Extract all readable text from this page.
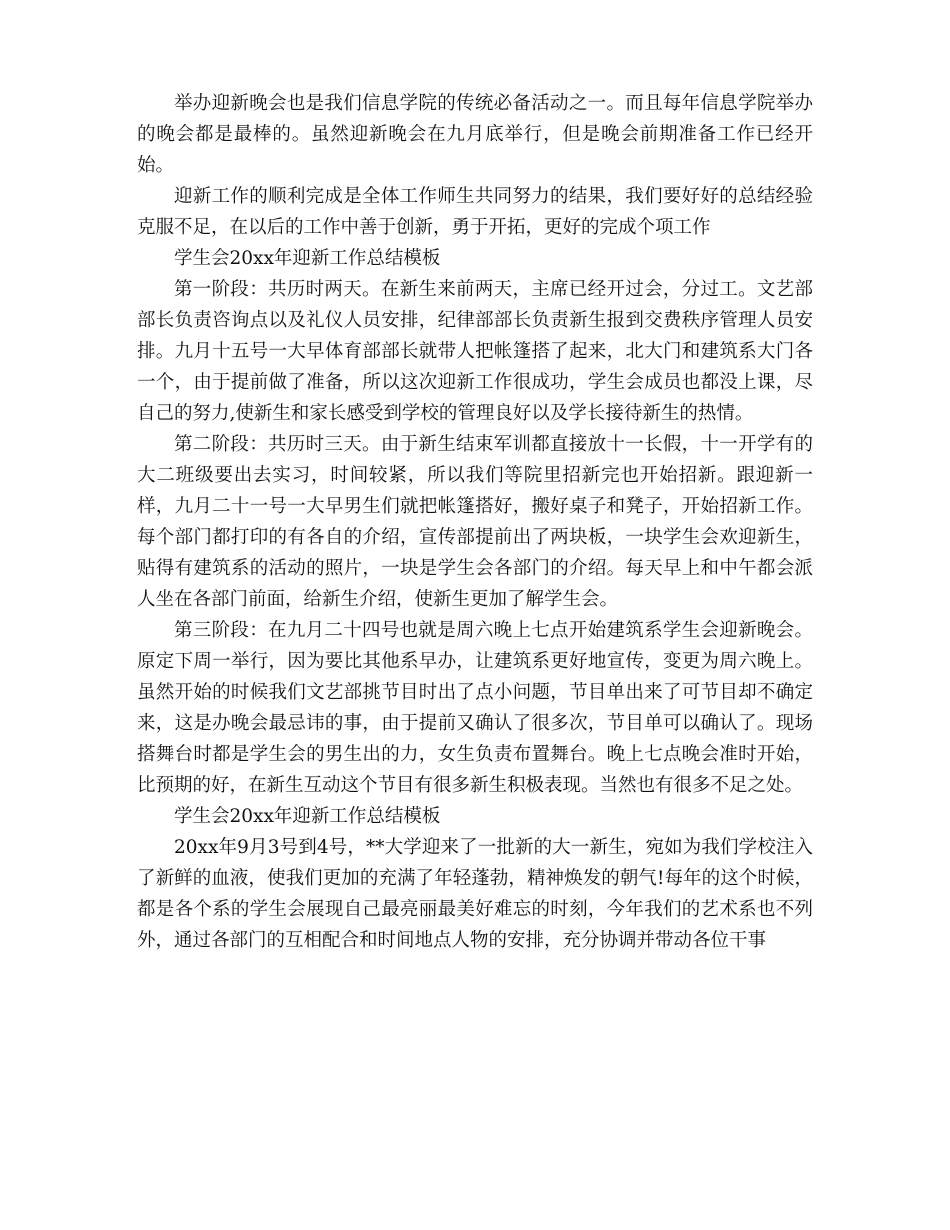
举办迎新晚会也是我们信息学院的传统必备活动之一。而且每年信息学院举办的晚会都是最棒的。虽然迎新晚会在九月底举行，但是晚会前期准备工作已经开始。

迎新工作的顺利完成是全体工作师生共同努力的结果，我们要好好的总结经验克服不足，在以后的工作中善于创新，勇于开拓，更好的完成个项工作

学生会20xx年迎新工作总结模板

第一阶段：共历时两天。在新生来前两天，主席已经开过会，分过工。文艺部部长负责咨询点以及礼仪人员安排，纪律部部长负责新生报到交费秩序管理人员安排。九月十五号一大早体育部部长就带人把帐篷搭了起来，北大门和建筑系大门各一个，由于提前做了准备，所以这次迎新工作很成功，学生会成员也都没上课，尽自己的努力,使新生和家长感受到学校的管理良好以及学长接待新生的热情。

第二阶段：共历时三天。由于新生结束军训都直接放十一长假，十一开学有的大二班级要出去实习，时间较紧，所以我们等院里招新完也开始招新。跟迎新一样，九月二十一号一大早男生们就把帐篷搭好，搬好桌子和凳子，开始招新工作。每个部门都打印的有各自的介绍，宣传部提前出了两块板，一块学生会欢迎新生，贴得有建筑系的活动的照片，一块是学生会各部门的介绍。每天早上和中午都会派人坐在各部门前面，给新生介绍，使新生更加了解学生会。

第三阶段：在九月二十四号也就是周六晚上七点开始建筑系学生会迎新晚会。原定下周一举行，因为要比其他系早办，让建筑系更好地宣传，变更为周六晚上。虽然开始的时候我们文艺部挑节目时出了点小问题，节目单出来了可节目却不确定来，这是办晚会最忌讳的事，由于提前又确认了很多次，节目单可以确认了。现场搭舞台时都是学生会的男生出的力，女生负责布置舞台。晚上七点晚会准时开始，比预期的好，在新生互动这个节目有很多新生积极表现。当然也有很多不足之处。

学生会20xx年迎新工作总结模板

20xx年9月3号到4号，**大学迎来了一批新的大一新生，宛如为我们学校注入了新鲜的血液，使我们更加的充满了年轻蓬勃，精神焕发的朝气!每年的这个时候，都是各个系的学生会展现自己最亮丽最美好难忘的时刻，今年我们的艺术系也不列外，通过各部门的互相配合和时间地点人物的安排，充分协调并带动各位干事
